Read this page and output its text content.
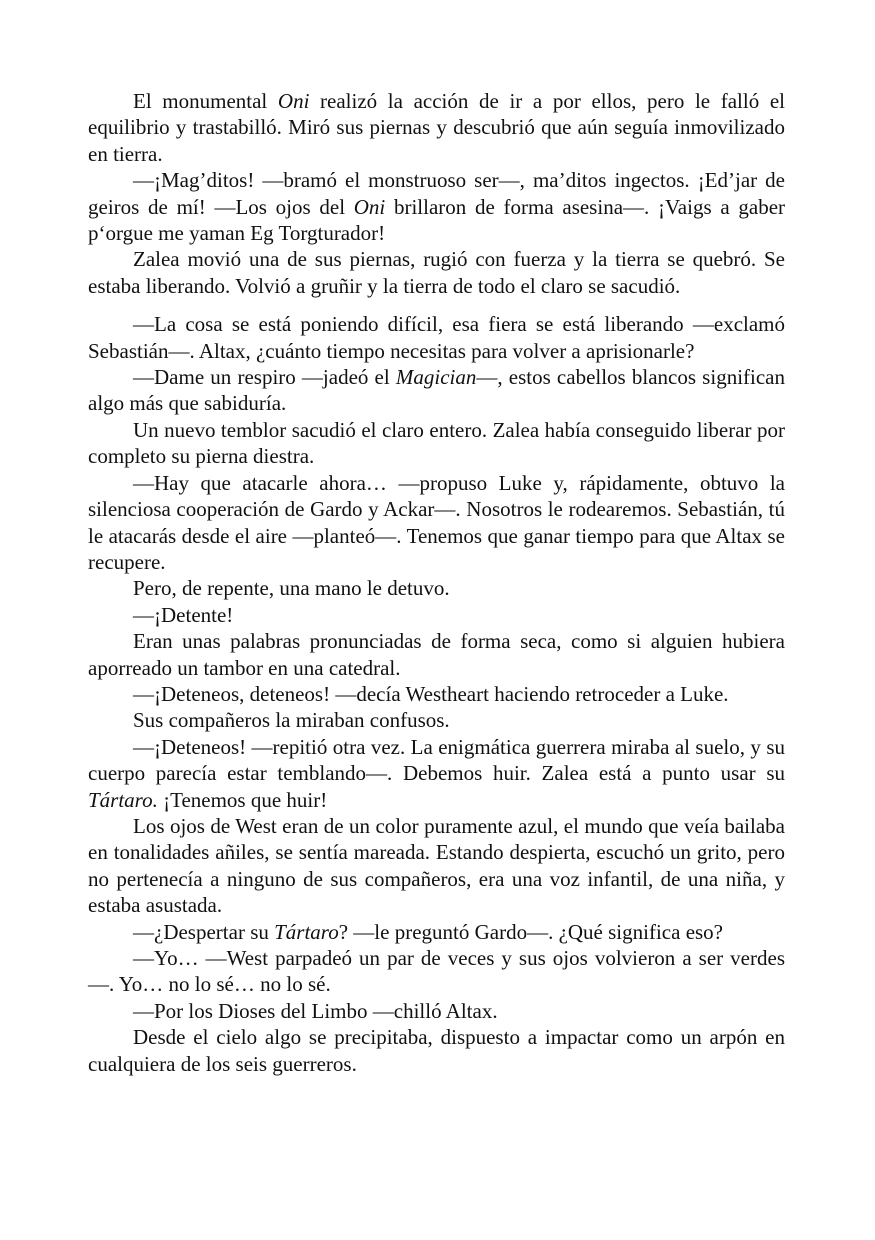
El monumental Oni realizó la acción de ir a por ellos, pero le falló el equilibrio y trastabilló. Miró sus piernas y descubrió que aún seguía inmovilizado en tierra.

—¡Mag’ditos! —bramó el monstruoso ser—, ma’ditos ingectos. ¡Ed’jar de geiros de mí! —Los ojos del Oni brillaron de forma asesina—. ¡Vaigs a gaber p‘orgue me yaman Eg Torgturador!

Zalea movió una de sus piernas, rugió con fuerza y la tierra se quebró. Se estaba liberando. Volvió a gruñir y la tierra de todo el claro se sacudió.

—La cosa se está poniendo difícil, esa fiera se está liberando —exclamó Sebastián—. Altax, ¿cuánto tiempo necesitas para volver a aprisionarle?

—Dame un respiro —jadeó el Magician—, estos cabellos blancos significan algo más que sabiduría.

Un nuevo temblor sacudió el claro entero. Zalea había conseguido liberar por completo su pierna diestra.

—Hay que atacarle ahora… —propuso Luke y, rápidamente, obtuvo la silenciosa cooperación de Gardo y Ackar—. Nosotros le rodearemos. Sebastián, tú le atacarás desde el aire —planteó—. Tenemos que ganar tiempo para que Altax se recupere.

Pero, de repente, una mano le detuvo.

—¡Detente!

Eran unas palabras pronunciadas de forma seca, como si alguien hubiera aporreado un tambor en una catedral.

—¡Deteneos, deteneos! —decía Westheart haciendo retroceder a Luke.

Sus compañeros la miraban confusos.

—¡Deteneos! —repitió otra vez. La enigmática guerrera miraba al suelo, y su cuerpo parecía estar temblando—. Debemos huir. Zalea está a punto usar su Tártaro. ¡Tenemos que huir!

Los ojos de West eran de un color puramente azul, el mundo que veía bailaba en tonalidades añiles, se sentía mareada. Estando despierta, escuchó un grito, pero no pertenecía a ninguno de sus compañeros, era una voz infantil, de una niña, y estaba asustada.

—¿Despertar su Tártaro? —le preguntó Gardo—. ¿Qué significa eso?

—Yo… —West parpadeó un par de veces y sus ojos volvieron a ser verdes—. Yo… no lo sé… no lo sé.

—Por los Dioses del Limbo —chilló Altax.

Desde el cielo algo se precipitaba, dispuesto a impactar como un arpón en cualquiera de los seis guerreros.
